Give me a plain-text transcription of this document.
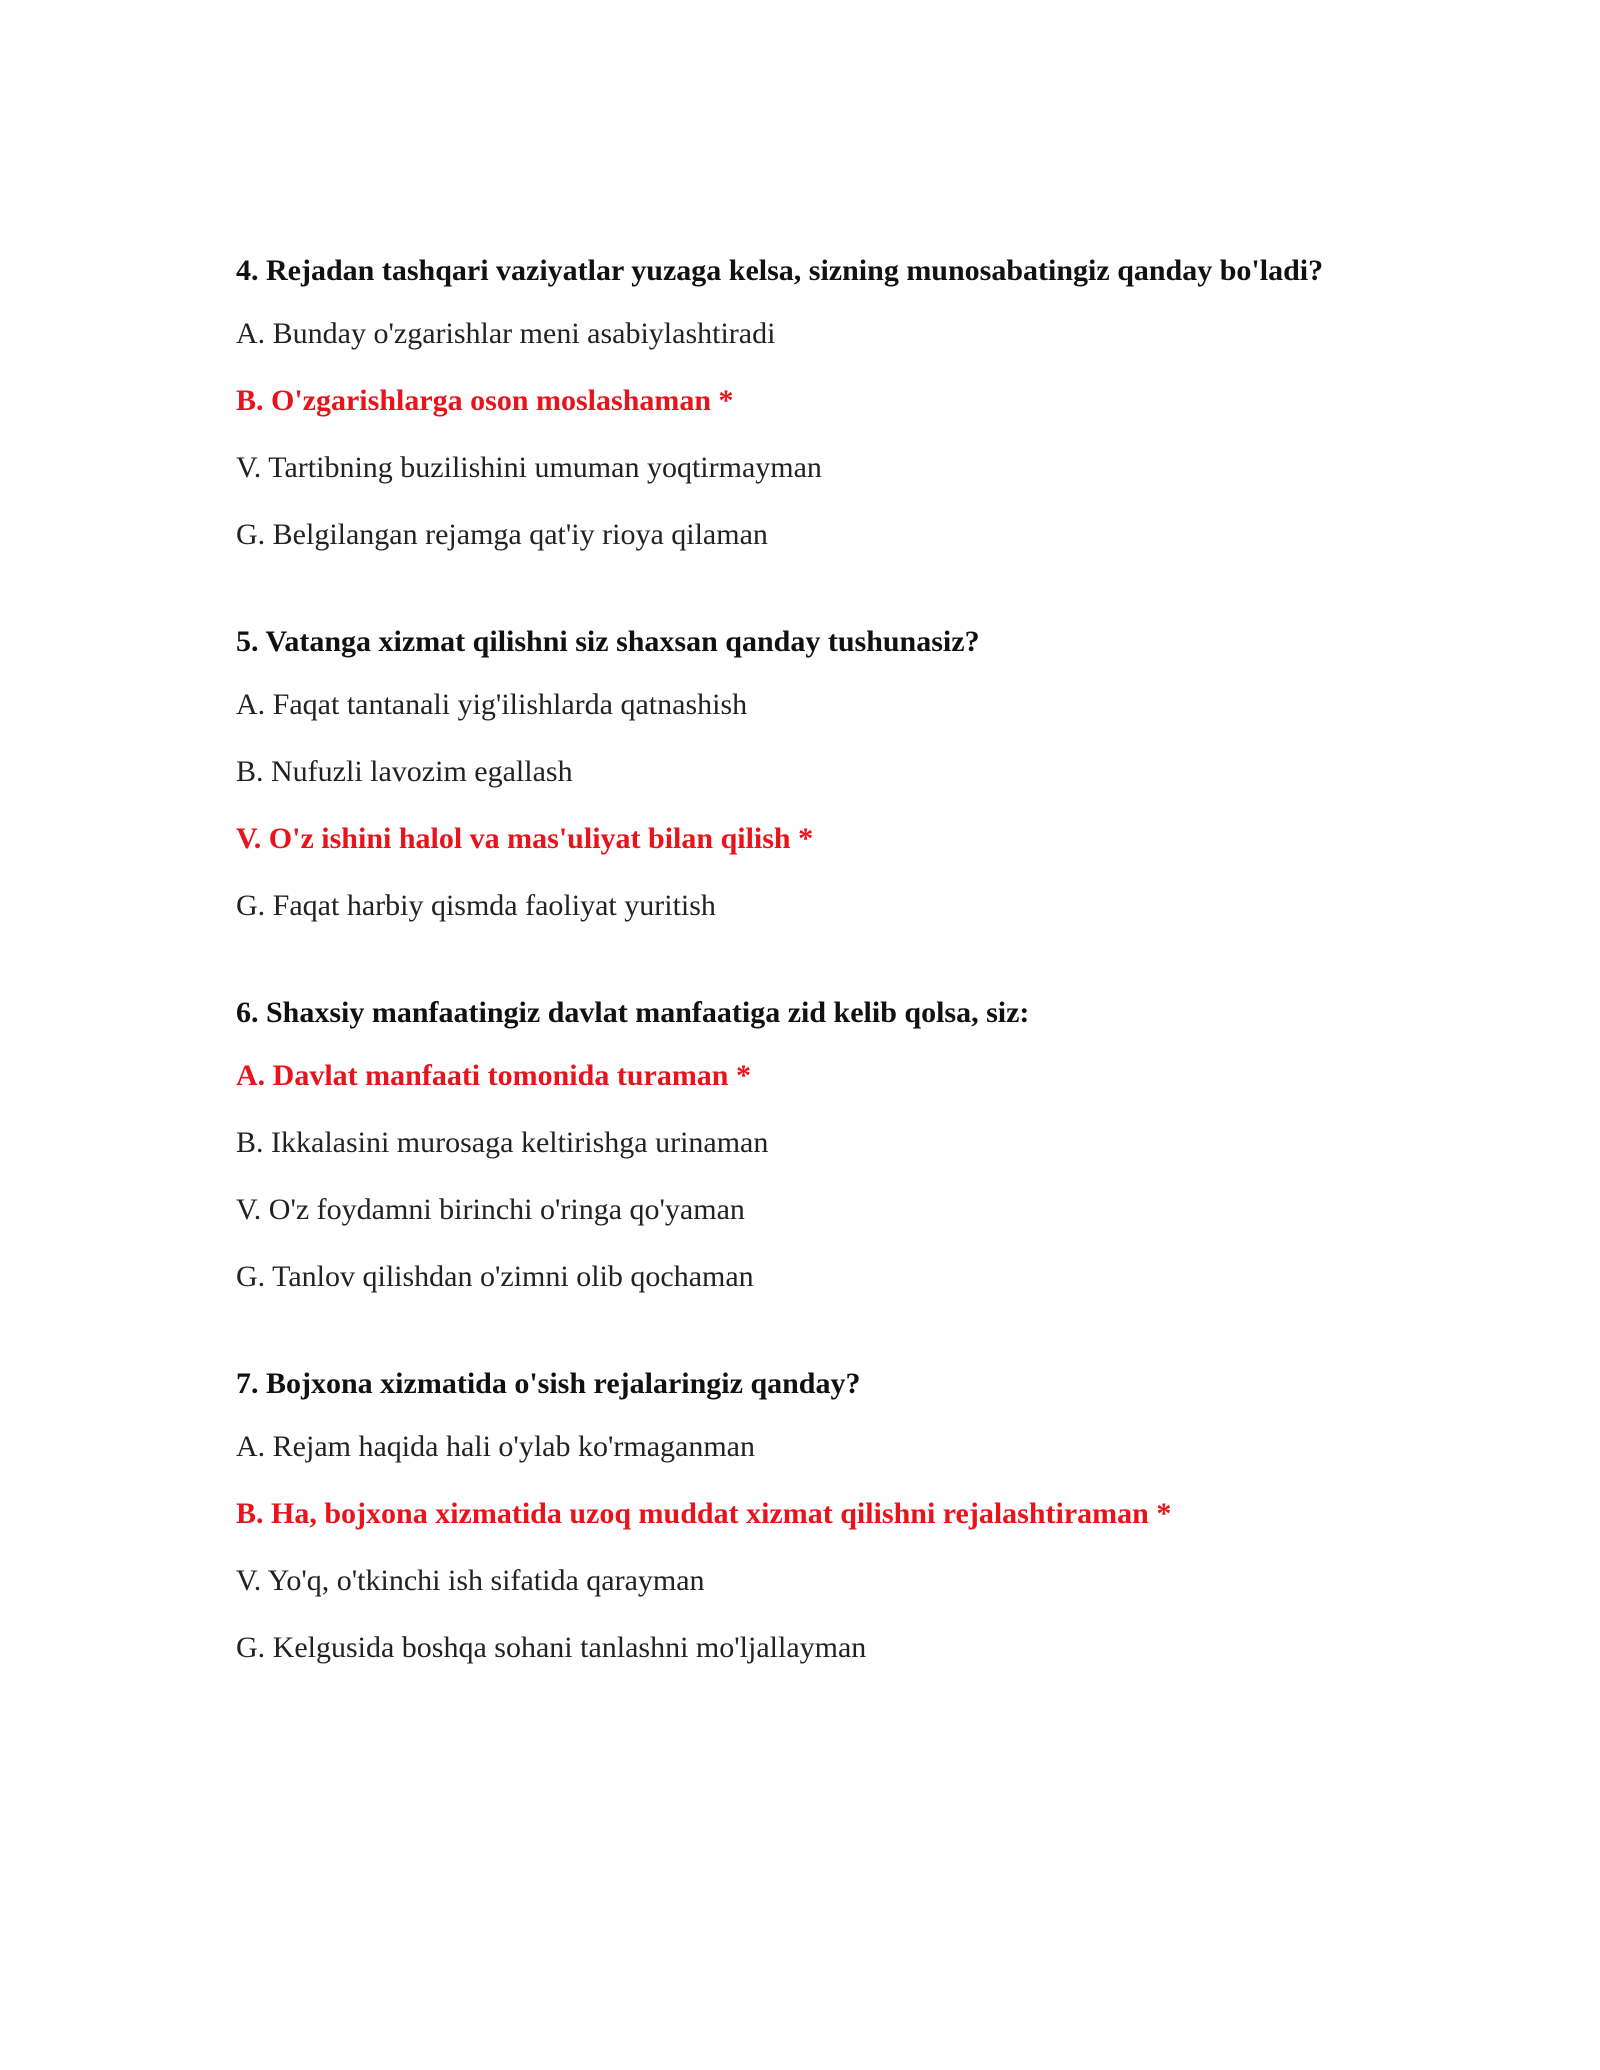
4. Rejadan tashqari vaziyatlar yuzaga kelsa, sizning munosabatingiz qanday bo'ladi?

A. Bunday o'zgarishlar meni asabiylashtiradi

B. O'zgarishlarga oson moslashaman *

V. Tartibning buzilishini umuman yoqtirmayman

G. Belgilangan rejamga qat'iy rioya qilaman

5. Vatanga xizmat qilishni siz shaxsan qanday tushunasiz?

A. Faqat tantanali yig'ilishlarda qatnashish

B. Nufuzli lavozim egallash

V. O'z ishini halol va mas'uliyat bilan qilish *

G. Faqat harbiy qismda faoliyat yuritish

6. Shaxsiy manfaatingiz davlat manfaatiga zid kelib qolsa, siz:

A. Davlat manfaati tomonida turaman *

B. Ikkalasini murosaga keltirishga urinaman

V. O'z foydamni birinchi o'ringa qo'yaman

G. Tanlov qilishdan o'zimni olib qochaman

7. Bojxona xizmatida o'sish rejalaringiz qanday?

A. Rejam haqida hali o'ylab ko'rmaganman

B. Ha, bojxona xizmatida uzoq muddat xizmat qilishni rejalashtiraman *

V. Yo'q, o'tkinchi ish sifatida qarayman

G. Kelgusida boshqa sohani tanlashni mo'ljallayman
